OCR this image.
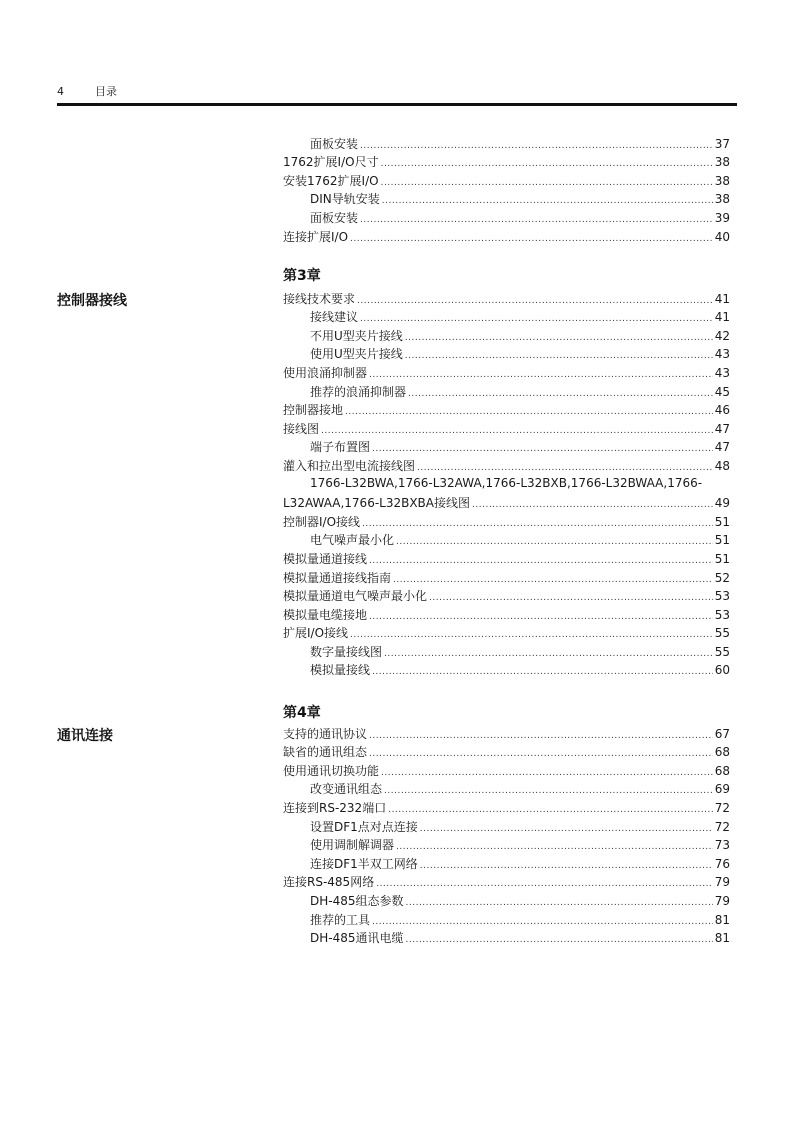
4	目录
面板安装 .....	37
1762扩展I/O尺寸 .....	38
安装1762扩展I/O .....	38
DIN导轨安装 .....	38
面板安装 .....	39
连接扩展I/O .....	40
第3章
控制器接线	接线技术要求 .....	41
接线建议 .....	41
不用U型夹片接线 .....	42
使用U型夹片接线 .....	43
使用浪涌抑制器 .....	43
推荐的浪涌抑制器 .....	45
控制器接地 .....	46
接线图 .....	47
端子布置图 .....	47
灌入和拉出型电流接线图 .....	48
1766-L32BWA,1766-L32AWA,1766-L32BXB,1766-L32BWAA,1766-
L32AWAA,1766-L32BXBA接线图 .....	49
控制器I/O接线 .....	51
电气噪声最小化 .....	51
模拟量通道接线 .....	51
模拟量通道接线指南 .....	52
模拟量通道电气噪声最小化 .....	53
模拟量电缆接地 .....	53
扩展I/O接线 .....	55
数字量接线图 .....	55
模拟量接线 .....	60
第4章
通讯连接	支持的通讯协议 .....	67
缺省的通讯组态 .....	68
使用通讯切换功能 .....	68
改变通讯组态 .....	69
连接到RS-232端口 .....	72
设置DF1点对点连接 .....	72
使用调制解调器 .....	73
连接DF1半双工网络 .....	76
连接RS-485网络 .....	79
DH-485组态参数 .....	79
推荐的工具 .....	81
DH-485通讯电缆 .....	81
